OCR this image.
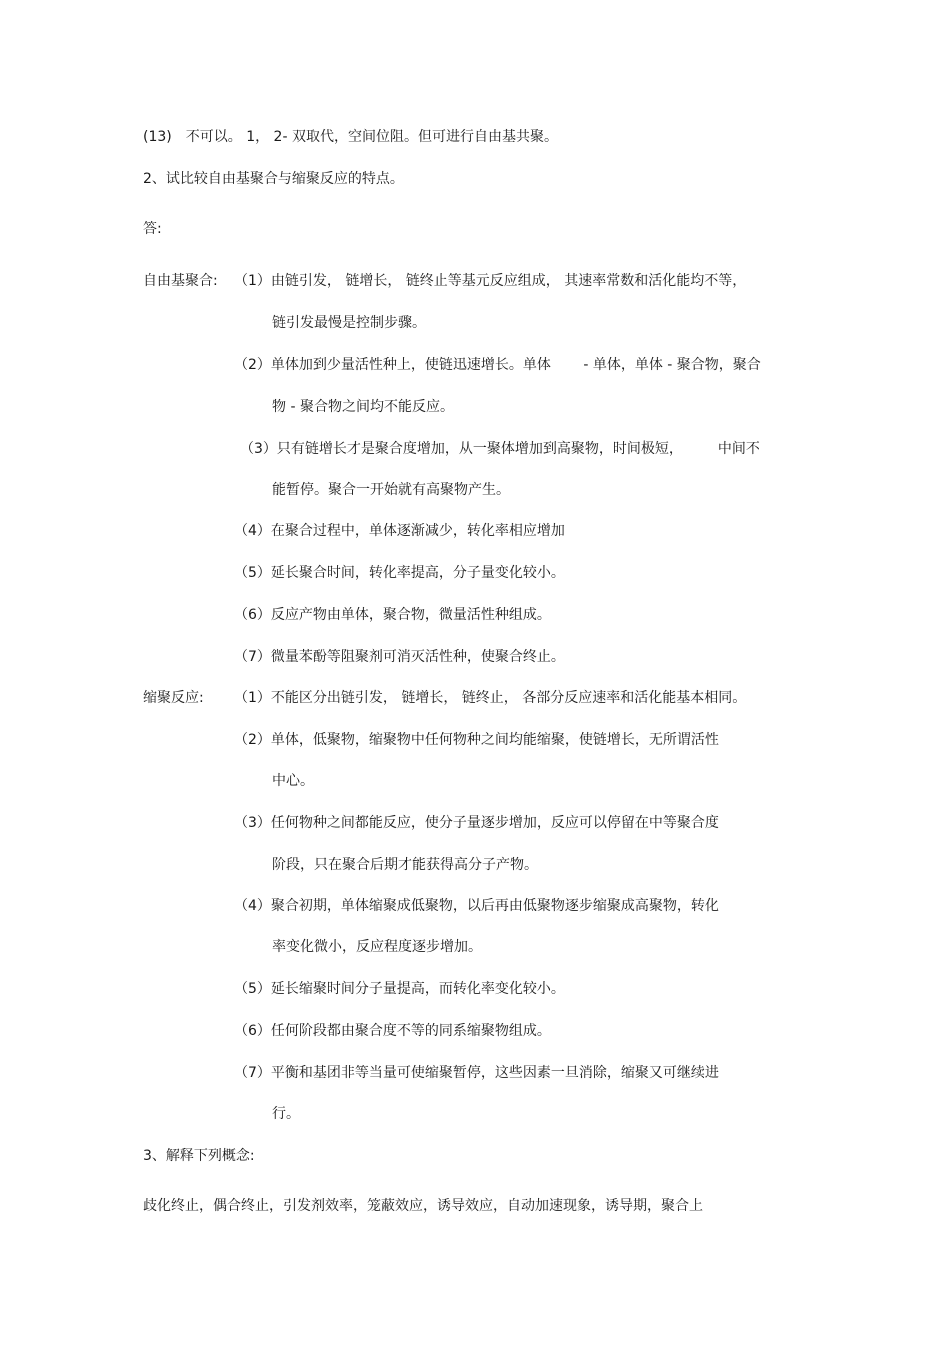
(13)　不可以。 1， 2- 双取代，空间位阻。但可进行自由基共聚。
2、试比较自由基聚合与缩聚反应的特点。
答:
自由基聚合: （1）由链引发， 链增长， 链终止等基元反应组成， 其速率常数和活化能均不等，
链引发最慢是控制步骤。
（2）单体加到少量活性种上，使链迅速增长。单体　　 - 单体，单体 - 聚合物，聚合
物 - 聚合物之间均不能反应。
（3）只有链增长才是聚合度增加，从一聚体增加到高聚物，时间极短，　　　中间不
能暂停。聚合一开始就有高聚物产生。
（4）在聚合过程中，单体逐渐减少，转化率相应增加
（5）延长聚合时间，转化率提高，分子量变化较小。
（6）反应产物由单体，聚合物，微量活性种组成。
（7）微量苯酚等阻聚剂可消灭活性种，使聚合终止。
缩聚反应: （1）不能区分出链引发， 链增长， 链终止， 各部分反应速率和活化能基本相同。
（2）单体，低聚物，缩聚物中任何物种之间均能缩聚，使链增长，无所谓活性
中心。
（3）任何物种之间都能反应，使分子量逐步增加，反应可以停留在中等聚合度
阶段，只在聚合后期才能获得高分子产物。
（4）聚合初期，单体缩聚成低聚物，以后再由低聚物逐步缩聚成高聚物，转化
率变化微小，反应程度逐步增加。
（5）延长缩聚时间分子量提高，而转化率变化较小。
（6）任何阶段都由聚合度不等的同系缩聚物组成。
（7）平衡和基团非等当量可使缩聚暂停，这些因素一旦消除，缩聚又可继续进
行。
3、解释下列概念:
歧化终止，偶合终止，引发剂效率，笼蔽效应，诱导效应，自动加速现象，诱导期，聚合上
